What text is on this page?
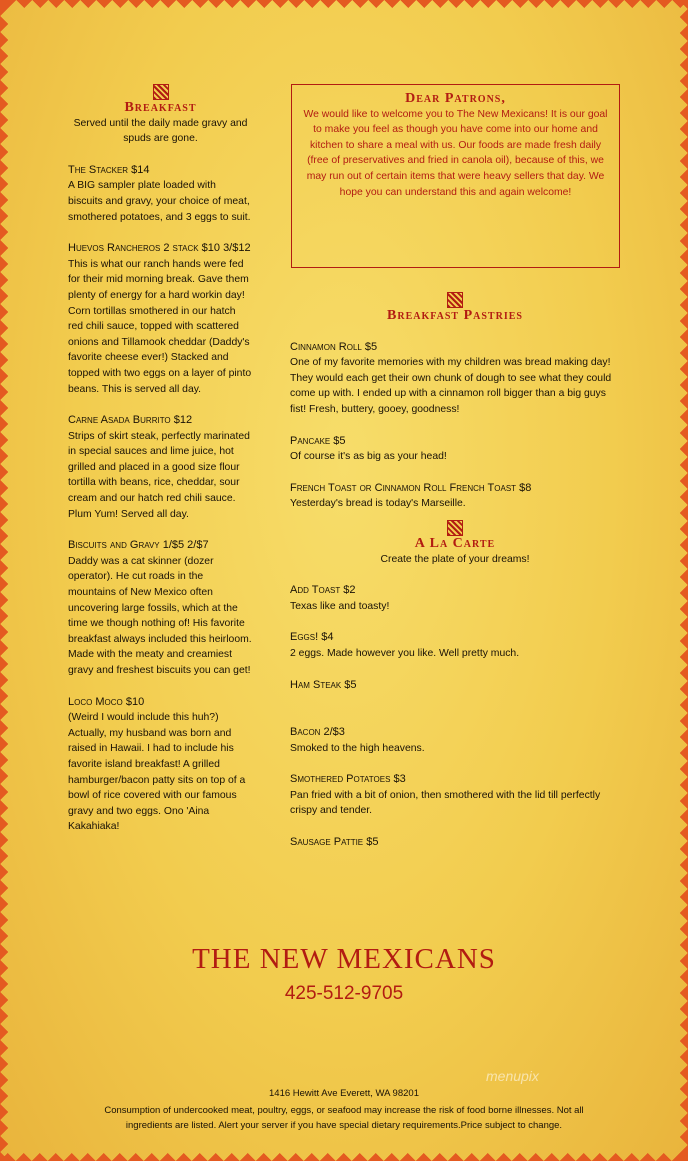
Breakfast

Served until the daily made gravy and spuds are gone.

The Stacker $14

A BIG sampler plate loaded with biscuits and gravy, your choice of meat, smothered potatoes, and 3 eggs to suit.

Huevos Rancheros 2 stack $10 3/$12

This is what our ranch hands were fed for their mid morning break. Gave them plenty of energy for a hard workin day! Corn tortillas smothered in our hatch red chili sauce, topped with scattered onions and Tillamook cheddar (Daddy's favorite cheese ever!) Stacked and topped with two eggs on a layer of pinto beans. This is served all day.

Carne Asada Burrito $12

Strips of skirt steak, perfectly marinated in special sauces and lime juice, hot grilled and placed in a good size flour tortilla with beans, rice, cheddar, sour cream and our hatch red chili sauce. Plum Yum! Served all day.

Biscuits and Gravy 1/$5 2/$7

Daddy was a cat skinner (dozer operator). He cut roads in the mountains of New Mexico often uncovering large fossils, which at the time we though nothing of! His favorite breakfast always included this heirloom. Made with the meaty and creamiest gravy and freshest biscuits you can get!

Loco Moco $10

(Weird I would include this huh?) Actually, my husband was born and raised in Hawaii. I had to include his favorite island breakfast! A grilled hamburger/bacon patty sits on top of a bowl of rice covered with our famous gravy and two eggs. Ono 'Aina Kakahiaka!

Dear Patrons,

We would like to welcome you to The New Mexicans! It is our goal to make you feel as though you have come into our home and kitchen to share a meal with us. Our foods are made fresh daily (free of preservatives and fried in canola oil), because of this, we may run out of certain items that were heavy sellers that day. We hope you can understand this and again welcome!

Breakfast Pastries

Cinnamon Roll $5

One of my favorite memories with my children was bread making day! They would each get their own chunk of dough to see what they could come up with. I ended up with a cinnamon roll bigger than a big guys fist! Fresh, buttery, gooey, goodness!

Pancake $5

Of course it's as big as your head!

French Toast or Cinnamon Roll French Toast $8

Yesterday's bread is today's Marseille.

A La Carte

Create the plate of your dreams!

Add Toast $2

Texas like and toasty!

Eggs! $4

2 eggs. Made however you like. Well pretty much.

Ham Steak $5

Bacon 2/$3

Smoked to the high heavens.

Smothered Potatoes $3

Pan fried with a bit of onion, then smothered with the lid till perfectly crispy and tender.

Sausage Pattie $5

THE NEW MEXICANS
425-512-9705
menupix
1416 Hewitt Ave Everett, WA 98201
Consumption of undercooked meat, poultry, eggs, or seafood may increase the risk of food borne illnesses. Not all ingredients are listed. Alert your server if you have special dietary requirements.Price subject to change.
